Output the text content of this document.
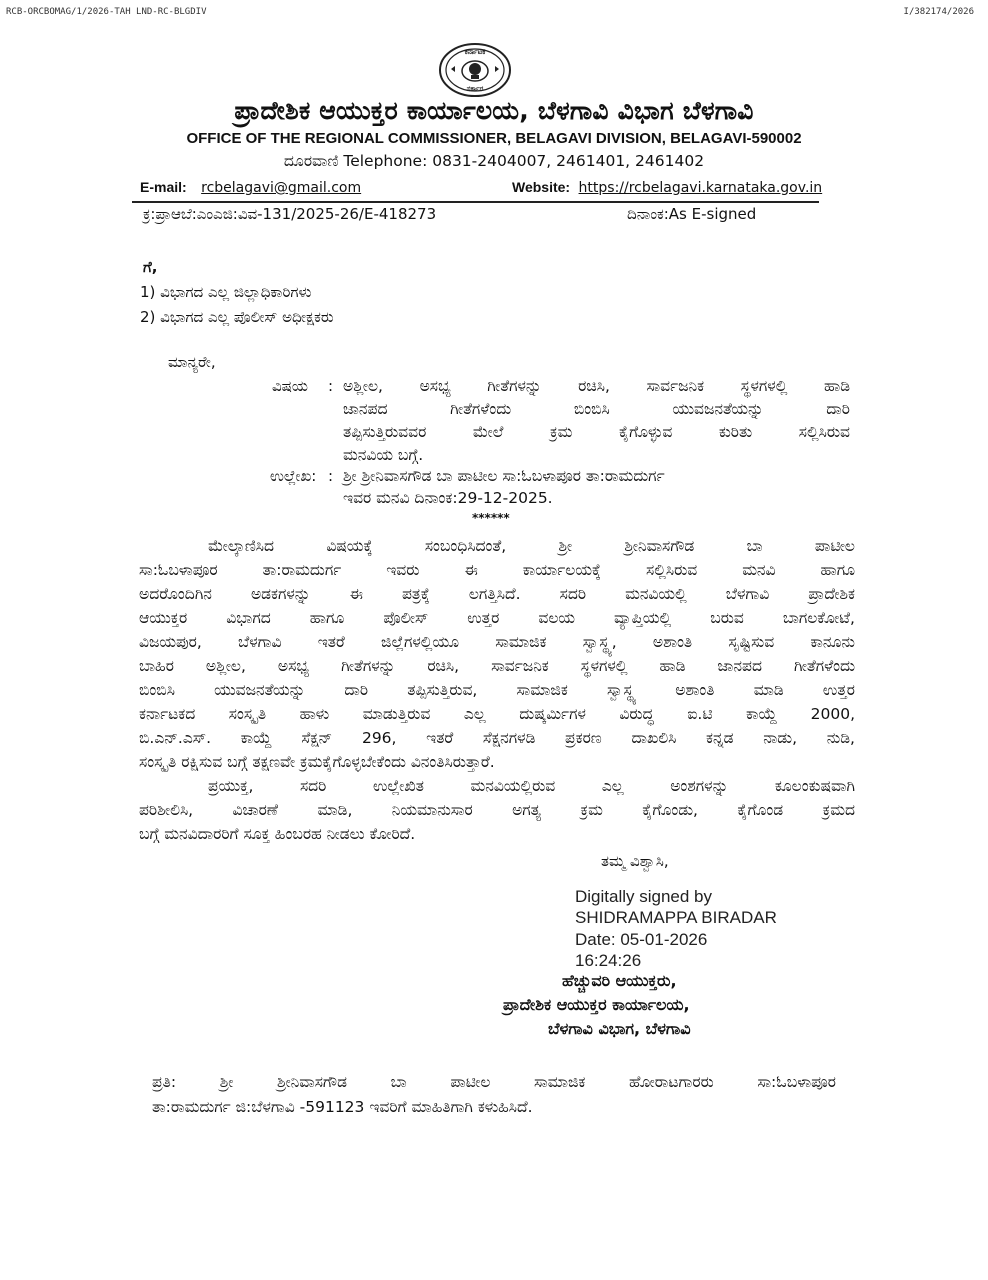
RCB-ORCBOMAG/1/2026-TAH LND-RC-BLGDIV	I/382174/2026
ಕರ್ನಾಟಕ
ಸರ್ಕಾರ
ಪ್ರಾದೇಶಿಕ ಆಯುಕ್ತರ ಕಾರ್ಯಾಲಯ, ಬೆಳಗಾವಿ ವಿಭಾಗ ಬೆಳಗಾವಿ
OFFICE OF THE REGIONAL COMMISSIONER, BELAGAVI DIVISION, BELAGAVI-590002
ದೂರವಾಣಿ Telephone: 0831-2404007, 2461401, 2461402
E-mail: rcbelagavi@gmail.com	Website: https://rcbelagavi.karnataka.gov.in
ಕ್ರ:ಪ್ರಾಆಬೆ:ಎಂಎಜಿ:ವಿವ-131/2025-26/E-418273	ದಿನಾಂಕ:As E-signed
ಗೆ,
1) ವಿಭಾಗದ ಎಲ್ಲ ಜಿಲ್ಲಾಧಿಕಾರಿಗಳು
2) ವಿಭಾಗದ ಎಲ್ಲ ಪೊಲೀಸ್ ಅಧೀಕ್ಷಕರು
ಮಾನ್ಯರೇ,
ವಿಷಯ : ಅಶ್ಲೀಲ, ಅಸಭ್ಯ ಗೀತೆಗಳನ್ನು ರಚಿಸಿ, ಸಾರ್ವಜನಿಕ ಸ್ಥಳಗಳಲ್ಲಿ ಹಾಡಿ
ಜಾನಪದ	ಗೀತೆಗಳೆಂದು	ಬಿಂಬಿಸಿ	ಯುವಜನತೆಯನ್ನು	ದಾರಿ
ತಪ್ಪಿಸುತ್ತಿರುವವರ	ಮೇಲೆ	ಕ್ರಮ	ಕೈಗೊಳ್ಳುವ	ಕುರಿತು	ಸಲ್ಲಿಸಿರುವ
ಮನವಿಯ ಬಗ್ಗೆ.
ಉಲ್ಲೇಖ: : ಶ್ರೀ ಶ್ರೀನಿವಾಸಗೌಡ ಬಾ ಪಾಟೀಲ ಸಾ:ಓಬಳಾಪೂರ ತಾ:ರಾಮದುರ್ಗ
ಇವರ ಮನವಿ ದಿನಾಂಕ:29-12-2025.
******
ಮೇಲ್ಕಾಣಿಸಿದ	ವಿಷಯಕ್ಕೆ	ಸಂಬಂಧಿಸಿದಂತೆ,	ಶ್ರೀ	ಶ್ರೀನಿವಾಸಗೌಡ	ಬಾ	ಪಾಟೀಲ
ಸಾ:ಓಬಳಾಪೂರ	ತಾ:ರಾಮದುರ್ಗ	ಇವರು	ಈ	ಕಾರ್ಯಾಲಯಕ್ಕೆ	ಸಲ್ಲಿಸಿರುವ	ಮನವಿ	ಹಾಗೂ
ಅದರೊಂದಿಗಿನ	ಅಡಕಗಳನ್ನು	ಈ	ಪತ್ರಕ್ಕೆ	ಲಗತ್ತಿಸಿದೆ.	ಸದರಿ	ಮನವಿಯಲ್ಲಿ	ಬೆಳಗಾವಿ	ಪ್ರಾದೇಶಿಕ
ಆಯುಕ್ತರ	ವಿಭಾಗದ	ಹಾಗೂ	ಪೊಲೀಸ್	ಉತ್ತರ	ವಲಯ	ವ್ಯಾಪ್ತಿಯಲ್ಲಿ	ಬರುವ	ಬಾಗಲಕೋಟೆ,
ವಿಜಯಪುರ, ಬೆಳಗಾವಿ ಇತರೆ ಜಿಲ್ಲೆಗಳಲ್ಲಿಯೂ ಸಾಮಾಜಿಕ ಸ್ವಾಸ್ಥ್ಯ, ಅಶಾಂತಿ ಸೃಷ್ಟಿಸುವ ಕಾನೂನು
ಬಾಹಿರ ಅಶ್ಲೀಲ, ಅಸಭ್ಯ ಗೀತೆಗಳನ್ನು ರಚಿಸಿ, ಸಾರ್ವಜನಿಕ ಸ್ಥಳಗಳಲ್ಲಿ ಹಾಡಿ ಜಾನಪದ ಗೀತೆಗಳೆಂದು
ಬಿಂಬಿಸಿ	ಯುವಜನತೆಯನ್ನು	ದಾರಿ	ತಪ್ಪಿಸುತ್ತಿರುವ,	ಸಾಮಾಜಿಕ	ಸ್ವಾಸ್ಥ್ಯ	ಅಶಾಂತಿ	ಮಾಡಿ	ಉತ್ತರ
ಕರ್ನಾಟಕದ ಸಂಸ್ಕೃತಿ ಹಾಳು ಮಾಡುತ್ತಿರುವ ಎಲ್ಲ ದುಷ್ಕರ್ಮಿಗಳ ವಿರುದ್ಧ ಐ.ಟಿ ಕಾಯ್ದೆ 2000,
ಬಿ.ಎನ್.ಎಸ್. ಕಾಯ್ದೆ ಸೆಕ್ಷನ್ 296, ಇತರೆ ಸೆಕ್ಷನಗಳಡಿ ಪ್ರಕರಣ ದಾಖಲಿಸಿ ಕನ್ನಡ ನಾಡು, ನುಡಿ,
ಸಂಸ್ಕೃತಿ ರಕ್ಷಿಸುವ ಬಗ್ಗೆ ತಕ್ಷಣವೇ ಕ್ರಮಕೈಗೊಳ್ಳಬೇಕೆಂದು ವಿನಂತಿಸಿರುತ್ತಾರೆ.
ಪ್ರಯುಕ್ತ,	ಸದರಿ	ಉಲ್ಲೇಖಿತ	ಮನವಿಯಲ್ಲಿರುವ	ಎಲ್ಲ	ಅಂಶಗಳನ್ನು	ಕೂಲಂಕುಷವಾಗಿ
ಪರಿಶೀಲಿಸಿ,	ವಿಚಾರಣೆ	ಮಾಡಿ,	ನಿಯಮಾನುಸಾರ	ಅಗತ್ಯ	ಕ್ರಮ	ಕೈಗೊಂಡು,	ಕೈಗೊಂಡ	ಕ್ರಮದ
ಬಗ್ಗೆ ಮನವಿದಾರರಿಗೆ ಸೂಕ್ತ ಹಿಂಬರಹ ನೀಡಲು ಕೋರಿದೆ.
ತಮ್ಮ ವಿಶ್ವಾಸಿ,
Digitally signed by
SHIDRAMAPPA BIRADAR
Date: 05-01-2026
16:24:26
ಹೆಚ್ಚುವರಿ ಆಯುಕ್ತರು,
ಪ್ರಾದೇಶಿಕ ಆಯುಕ್ತರ ಕಾರ್ಯಾಲಯ,
ಬೆಳಗಾವಿ ವಿಭಾಗ, ಬೆಳಗಾವಿ
ಪ್ರತಿ:	ಶ್ರೀ	ಶ್ರೀನಿವಾಸಗೌಡ	ಬಾ	ಪಾಟೀಲ	ಸಾಮಾಜಿಕ	ಹೋರಾಟಗಾರರು	ಸಾ:ಓಬಳಾಪೂರ
ತಾ:ರಾಮದುರ್ಗ ಜಿ:ಬೆಳಗಾವಿ -591123 ಇವರಿಗೆ ಮಾಹಿತಿಗಾಗಿ ಕಳುಹಿಸಿದೆ.
